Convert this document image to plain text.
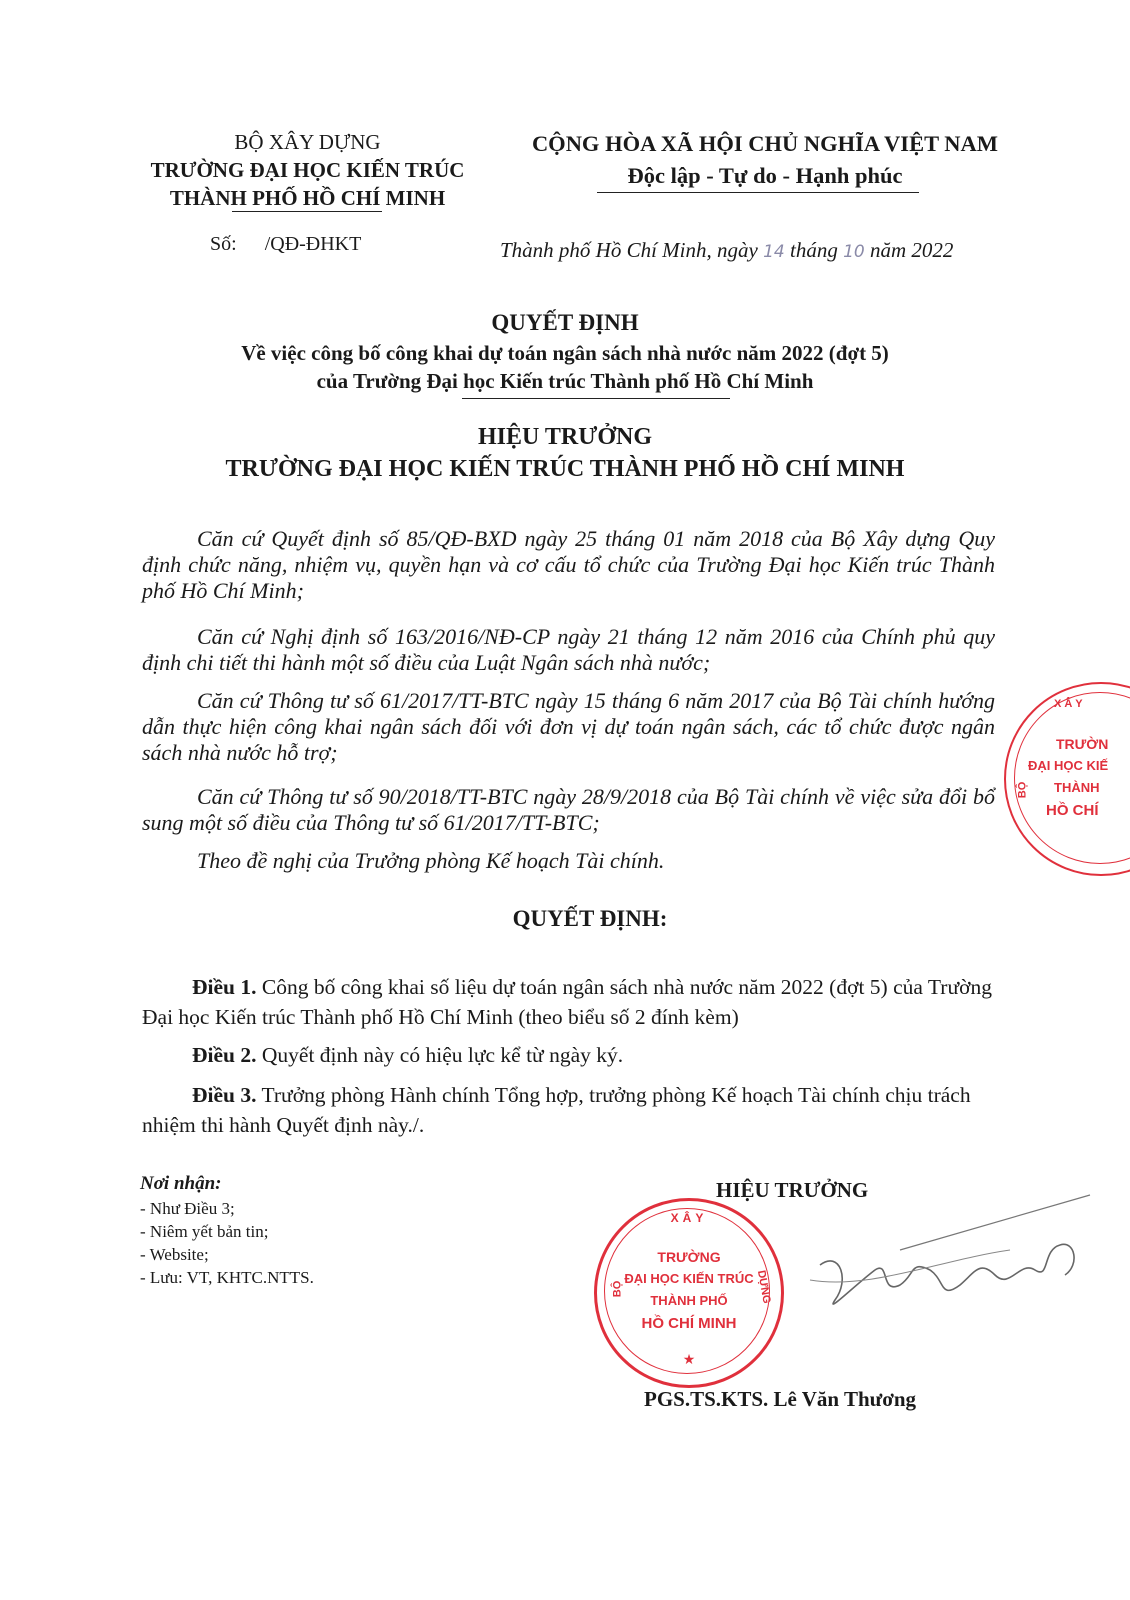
BỘ XÂY DỰNG
TRƯỜNG ĐẠI HỌC KIẾN TRÚC
THÀNH PHỐ HỒ CHÍ MINH
Số: /QĐ-ĐHKT
CỘNG HÒA XÃ HỘI CHỦ NGHĨA VIỆT NAM
Độc lập - Tự do - Hạnh phúc
Thành phố Hồ Chí Minh, ngày 14 tháng 10 năm 2022
QUYẾT ĐỊNH
Về việc công bố công khai dự toán ngân sách nhà nước năm 2022 (đợt 5)
của Trường Đại học Kiến trúc Thành phố Hồ Chí Minh
HIỆU TRƯỞNG
TRƯỜNG ĐẠI HỌC KIẾN TRÚC THÀNH PHỐ HỒ CHÍ MINH
Căn cứ Quyết định số 85/QĐ-BXD ngày 25 tháng 01 năm 2018 của Bộ Xây dựng Quy định chức năng, nhiệm vụ, quyền hạn và cơ cấu tổ chức của Trường Đại học Kiến trúc Thành phố Hồ Chí Minh;
Căn cứ Nghị định số 163/2016/NĐ-CP ngày 21 tháng 12 năm 2016 của Chính phủ quy định chi tiết thi hành một số điều của Luật Ngân sách nhà nước;
Căn cứ Thông tư số 61/2017/TT-BTC ngày 15 tháng 6 năm 2017 của Bộ Tài chính hướng dẫn thực hiện công khai ngân sách đối với đơn vị dự toán ngân sách, các tổ chức được ngân sách nhà nước hỗ trợ;
Căn cứ Thông tư số 90/2018/TT-BTC ngày 28/9/2018 của Bộ Tài chính về việc sửa đổi bổ sung một số điều của Thông tư số 61/2017/TT-BTC;
Theo đề nghị của Trưởng phòng Kế hoạch Tài chính.
QUYẾT ĐỊNH:
Điều 1. Công bố công khai số liệu dự toán ngân sách nhà nước năm 2022 (đợt 5) của Trường Đại học Kiến trúc Thành phố Hồ Chí Minh (theo biểu số 2 đính kèm)
Điều 2. Quyết định này có hiệu lực kể từ ngày ký.
Điều 3. Trưởng phòng Hành chính Tổng hợp, trưởng phòng Kế hoạch Tài chính chịu trách nhiệm thi hành Quyết định này./.
Nơi nhận:
- Như Điều 3;
- Niêm yết bản tin;
- Website;
- Lưu: VT, KHTC.NTTS.
HIỆU TRƯỞNG
XÂY
BỘ	DỰNG
TRƯỜNG
ĐẠI HỌC KIẾN TRÚC
THÀNH PHỐ
HỒ CHÍ MINH
★
PGS.TS.KTS. Lê Văn Thương
XÂY
TRƯỜN
ĐẠI HỌC KIẾ
THÀNH
HỒ CHÍ
BỘ
